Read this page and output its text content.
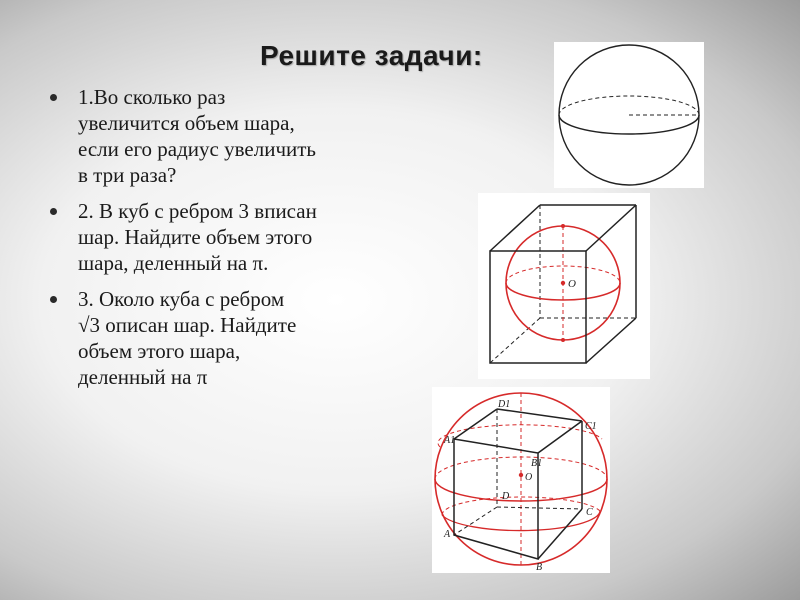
Решите задачи:
1.Во сколько раз
увеличится объем шара,
если его радиус увеличить
в три раза?
2. В куб с ребром 3 вписан
шар. Найдите объем этого
шара, деленный на π.
3. Около куба с ребром
√3 описан шар. Найдите
объем этого шара,
деленный на π
O
D1
C1
A1
B1
O
D
C
A
B
